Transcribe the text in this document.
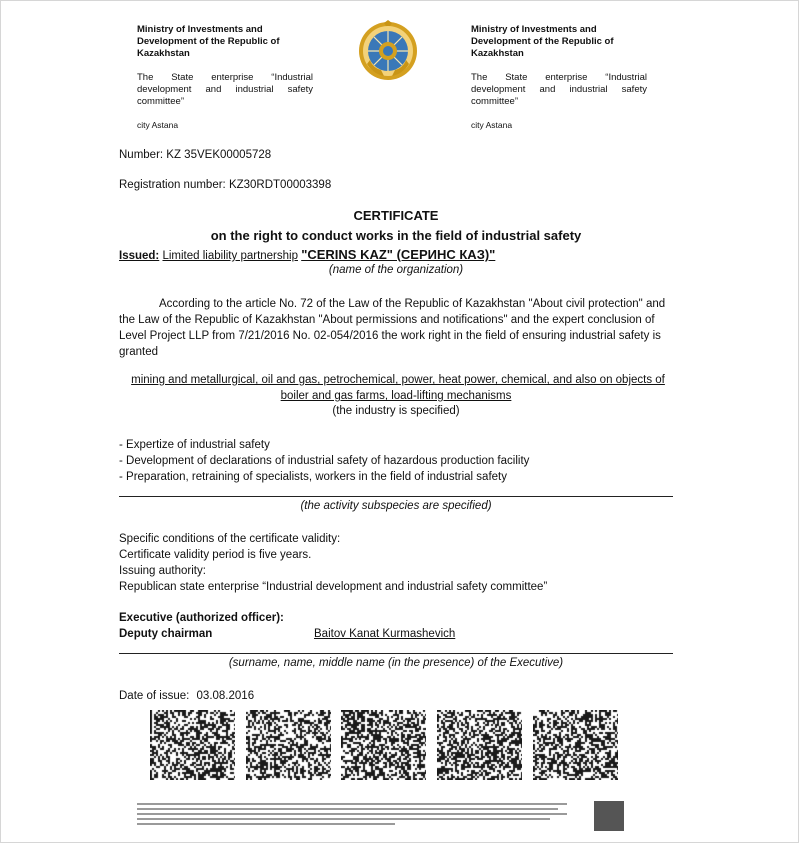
Ministry of Investments and Development of the Republic of Kazakhstan
The State enterprise “Industrial development and industrial safety committee”
city Astana
Ministry of Investments and Development of the Republic of Kazakhstan
The State enterprise “Industrial development and industrial safety committee”
city Astana
Number: KZ 35VEK00005728
Registration number: KZ30RDT00003398
CERTIFICATE
on the right to conduct works in the field of industrial safety
Issued: Limited liability partnership "CERINS KAZ" (СЕРИНС КАЗ)"
(name of the organization)
According to the article No. 72 of the Law of the Republic of Kazakhstan "About civil protection" and the Law of the Republic of Kazakhstan "About permissions and notifications" and the expert conclusion of Level Project LLP from 7/21/2016 No. 02-054/2016 the work right in the field of ensuring industrial safety is granted
mining and metallurgical, oil and gas, petrochemical, power, heat power, chemical, and also on objects of
boiler and gas farms, load-lifting mechanisms
(the industry is specified)
- Expertize of industrial safety
- Development of declarations of industrial safety of hazardous production facility
- Preparation, retraining of specialists, workers in the field of industrial safety
(the activity subspecies are specified)
Specific conditions of the certificate validity:
Certificate validity period is five years.
Issuing authority:
Republican state enterprise “Industrial development and industrial safety committee”
Executive (authorized officer):
Deputy chairman	Baitov Kanat Kurmashevich
(surname, name, middle name (in the presence) of the Executive)
Date of issue: 03.08.2016
